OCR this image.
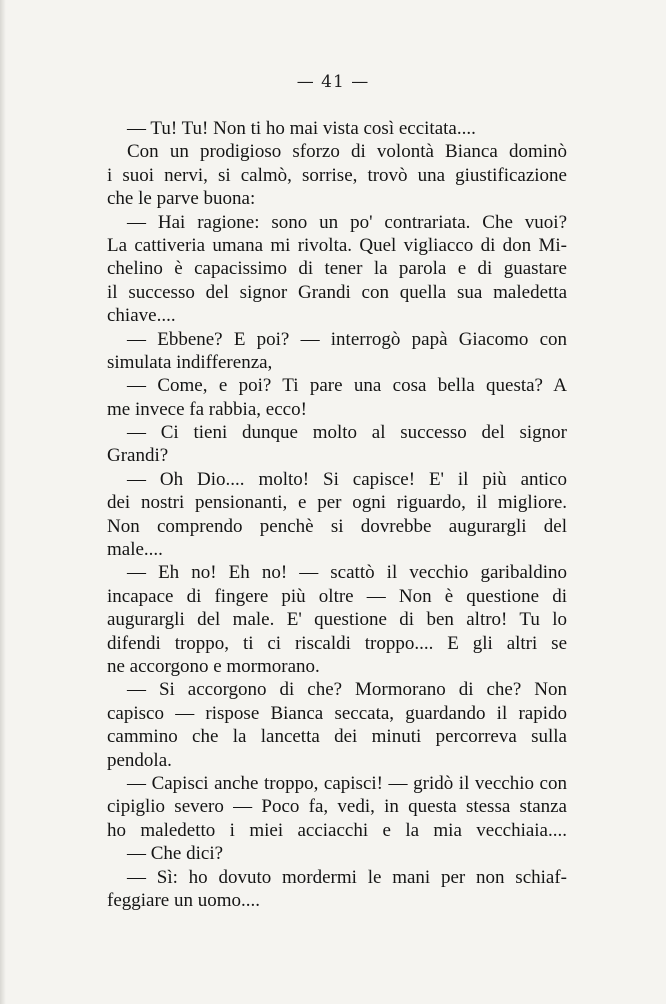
— 41 —
— Tu! Tu! Non ti ho mai vista così eccitata....
Con un prodigioso sforzo di volontà Bianca dominò
i suoi nervi, si calmò, sorrise, trovò una giustificazione
che le parve buona:
— Hai ragione: sono un po' contrariata. Che vuoi?
La cattiveria umana mi rivolta. Quel vigliacco di don Mi-
chelino è capacissimo di tener la parola e di guastare
il successo del signor Grandi con quella sua maledetta
chiave....
— Ebbene? E poi? — interrogò papà Giacomo con
simulata indifferenza,
— Come, e poi? Ti pare una cosa bella questa? A
me invece fa rabbia, ecco!
— Ci tieni dunque molto al successo del signor
Grandi?
— Oh Dio.... molto! Si capisce! E' il più antico
dei nostri pensionanti, e per ogni riguardo, il migliore.
Non comprendo penchè si dovrebbe augurargli del
male....
— Eh no! Eh no! — scattò il vecchio garibaldino
incapace di fingere più oltre — Non è questione di
augurargli del male. E' questione di ben altro! Tu lo
difendi troppo, ti ci riscaldi troppo.... E gli altri se
ne accorgono e mormorano.
— Si accorgono di che? Mormorano di che? Non
capisco — rispose Bianca seccata, guardando il rapido
cammino che la lancetta dei minuti percorreva sulla
pendola.
— Capisci anche troppo, capisci! — gridò il vecchio con
cipiglio severo — Poco fa, vedi, in questa stessa stanza
ho maledetto i miei acciacchi e la mia vecchiaia....
— Che dici?
— Sì: ho dovuto mordermi le mani per non schiaf-
feggiare un uomo....
